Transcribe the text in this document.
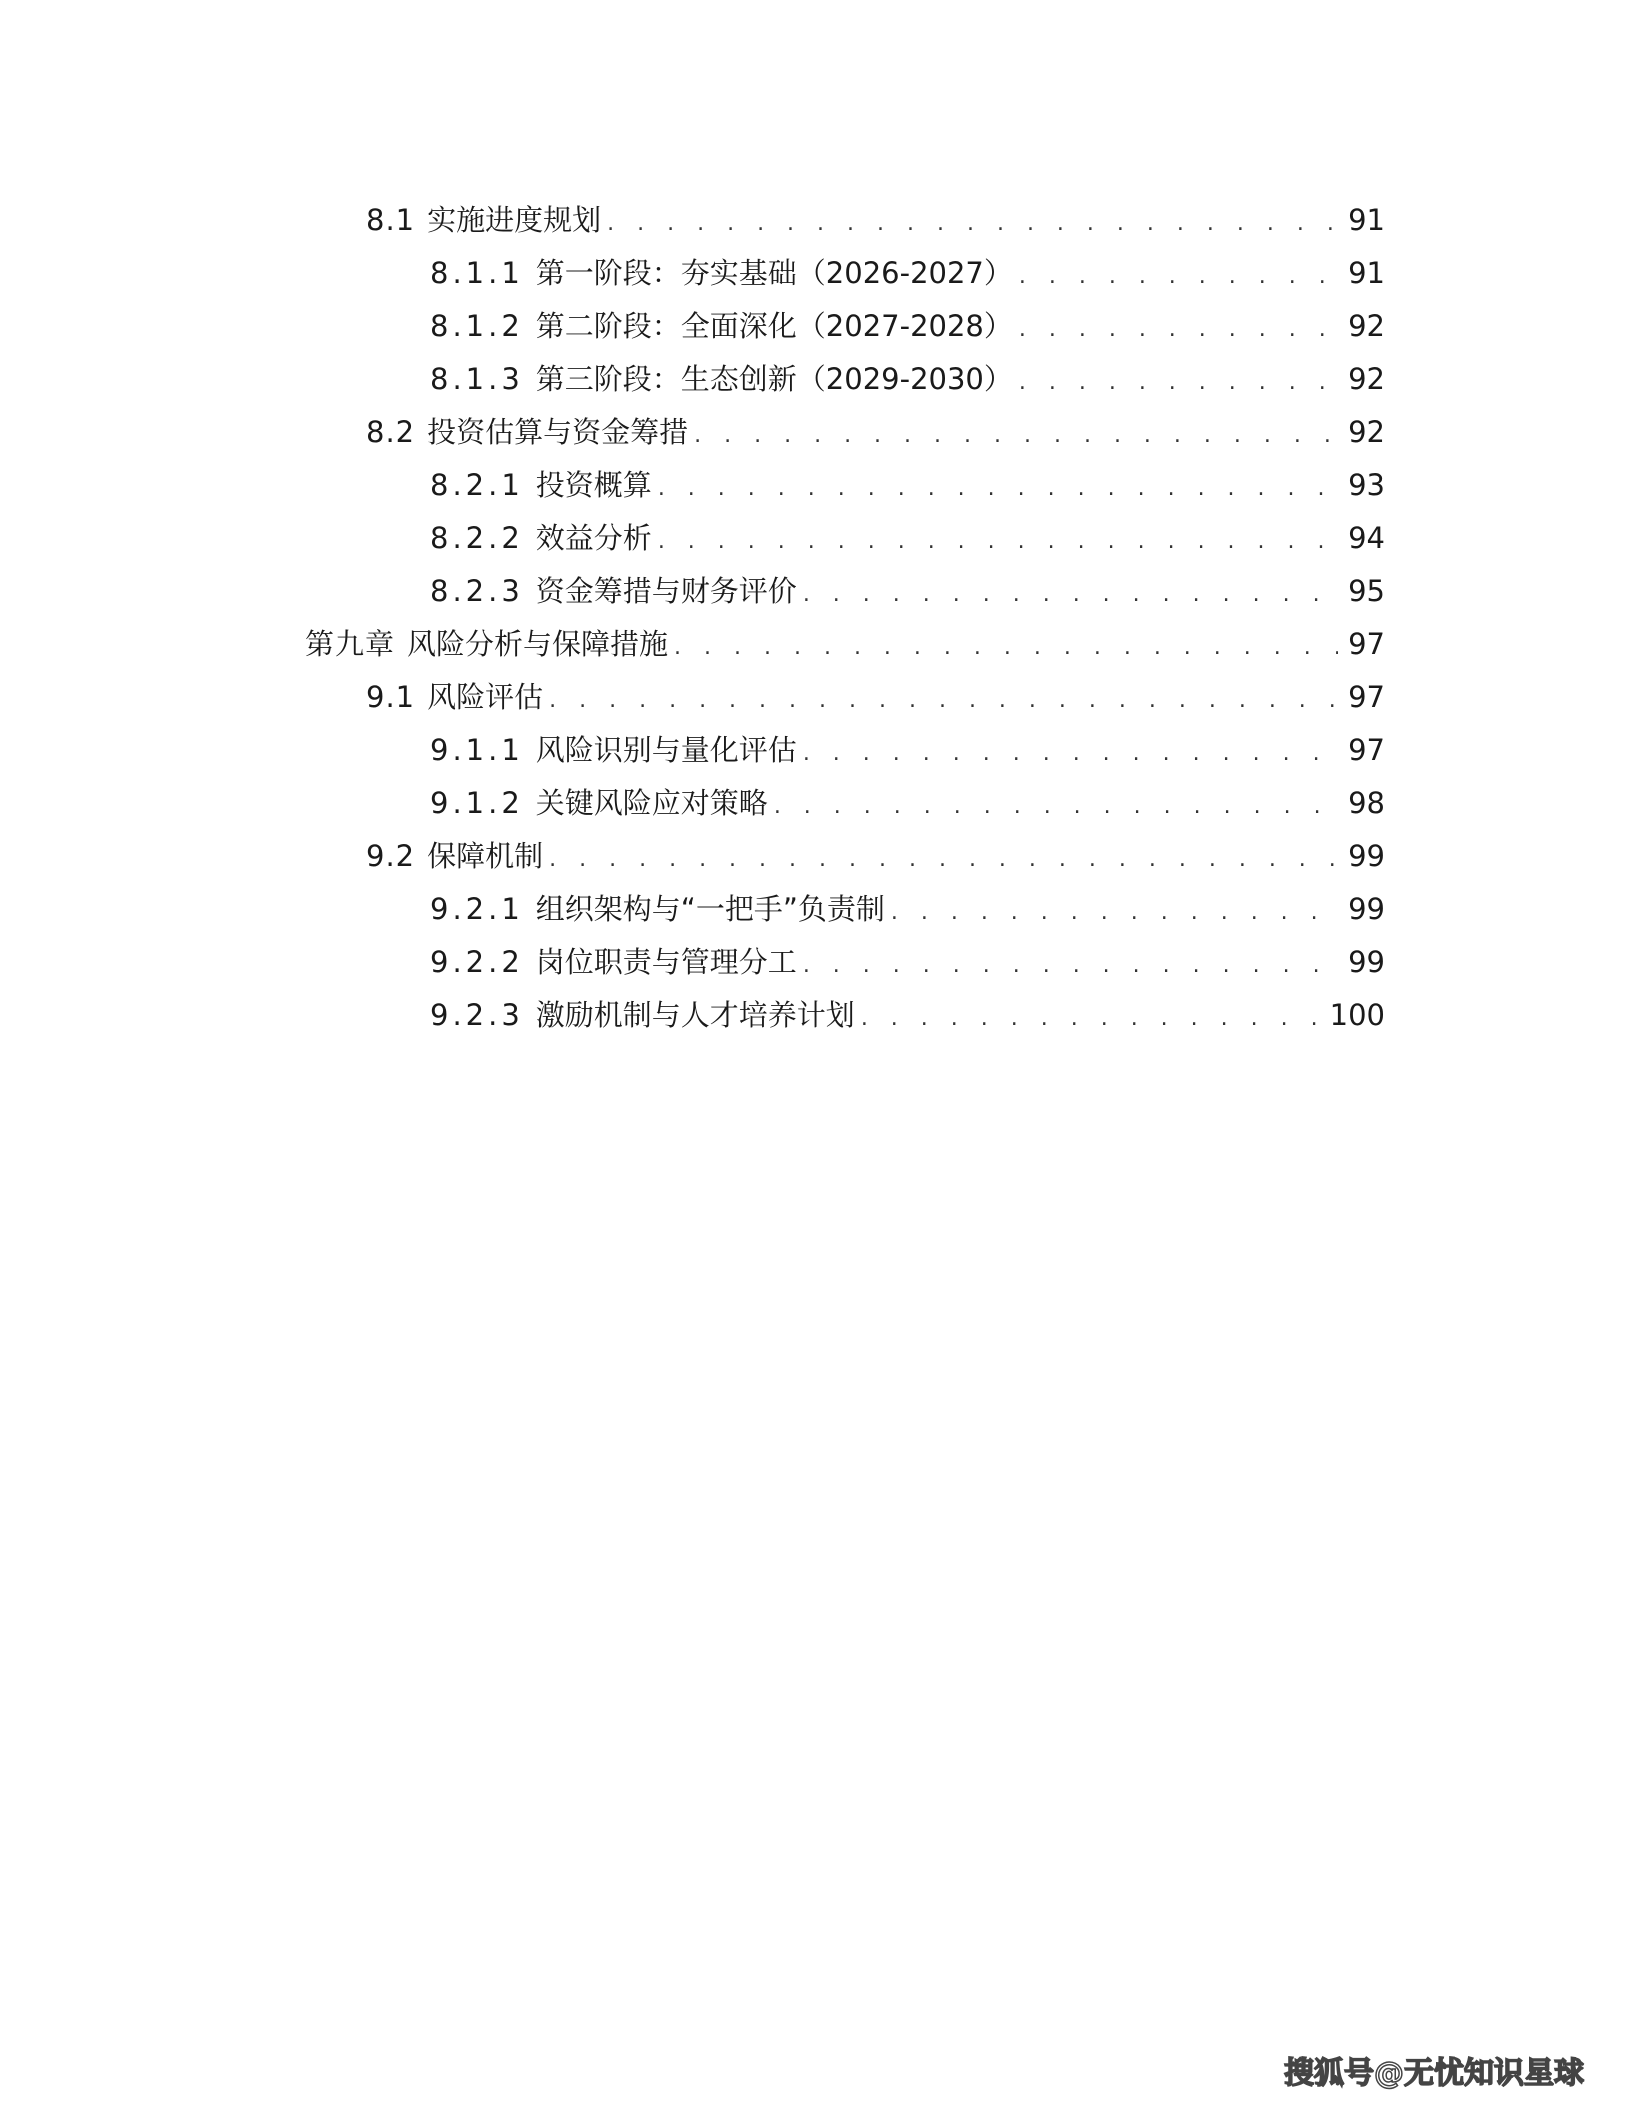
8.1 实施进度规划 . . .	91
8.1.1 第一阶段：夯实基础（2026-2027） . . .	91
8.1.2 第二阶段：全面深化（2027-2028） . . .	92
8.1.3 第三阶段：生态创新（2029-2030） . . .	92
8.2 投资估算与资金筹措 . . .	92
8.2.1 投资概算 . . .	93
8.2.2 效益分析 . . .	94
8.2.3 资金筹措与财务评价 . . .	95
第九章 风险分析与保障措施 . . .	97
9.1 风险评估 . . .	97
9.1.1 风险识别与量化评估 . . .	97
9.1.2 关键风险应对策略 . . .	98
9.2 保障机制 . . .	99
9.2.1 组织架构与“一把手”负责制 . . .	99
9.2.2 岗位职责与管理分工 . . .	99
9.2.3 激励机制与人才培养计划 . . .	100
搜狐号@无忧知识星球
